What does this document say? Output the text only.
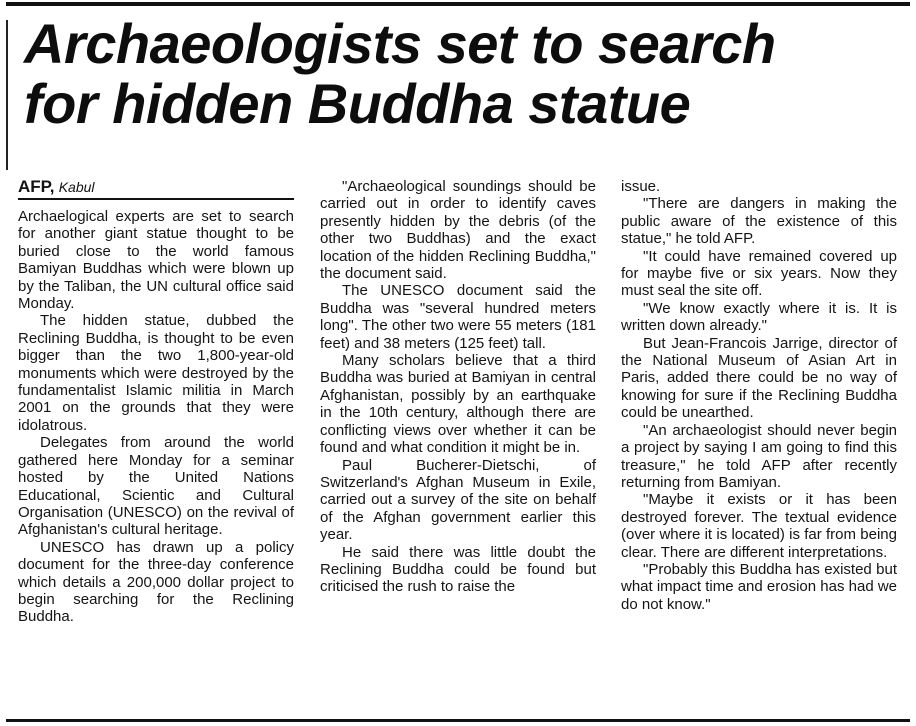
Archaeologists set to search
for hidden Buddha statue
AFP, Kabul

Archaelogical experts are set to search for another giant statue thought to be buried close to the world famous Bamiyan Buddhas which were blown up by the Taliban, the UN cultural office said Monday.

The hidden statue, dubbed the Reclining Buddha, is thought to be even bigger than the two 1,800-year-old monuments which were destroyed by the fundamentalist Islamic militia in March 2001 on the grounds that they were idolatrous.

Delegates from around the world gathered here Monday for a seminar hosted by the United Nations Educational, Scientic and Cultural Organisation (UNESCO) on the revival of Afghanistan's cultural heritage.

UNESCO has drawn up a policy document for the three-day conference which details a 200,000 dollar project to begin searching for the Reclining Buddha.

"Archaeological soundings should be carried out in order to identify caves presently hidden by the debris (of the other two Buddhas) and the exact location of the hidden Reclining Buddha," the document said.

The UNESCO document said the Buddha was "several hundred meters long". The other two were 55 meters (181 feet) and 38 meters (125 feet) tall.

Many scholars believe that a third Buddha was buried at Bamiyan in central Afghanistan, possibly by an earthquake in the 10th century, although there are conflicting views over whether it can be found and what condition it might be in.

Paul Bucherer-Dietschi, of Switzerland's Afghan Museum in Exile, carried out a survey of the site on behalf of the Afghan government earlier this year.

He said there was little doubt the Reclining Buddha could be found but criticised the rush to raise the

issue.

"There are dangers in making the public aware of the existence of this statue," he told AFP.

"It could have remained covered up for maybe five or six years. Now they must seal the site off.

"We know exactly where it is. It is written down already."

But Jean-Francois Jarrige, director of the National Museum of Asian Art in Paris, added there could be no way of knowing for sure if the Reclining Buddha could be unearthed.

"An archaeologist should never begin a project by saying I am going to find this treasure," he told AFP after recently returning from Bamiyan.

"Maybe it exists or it has been destroyed forever. The textual evidence (over where it is located) is far from being clear. There are different interpretations.

"Probably this Buddha has existed but what impact time and erosion has had we do not know."
